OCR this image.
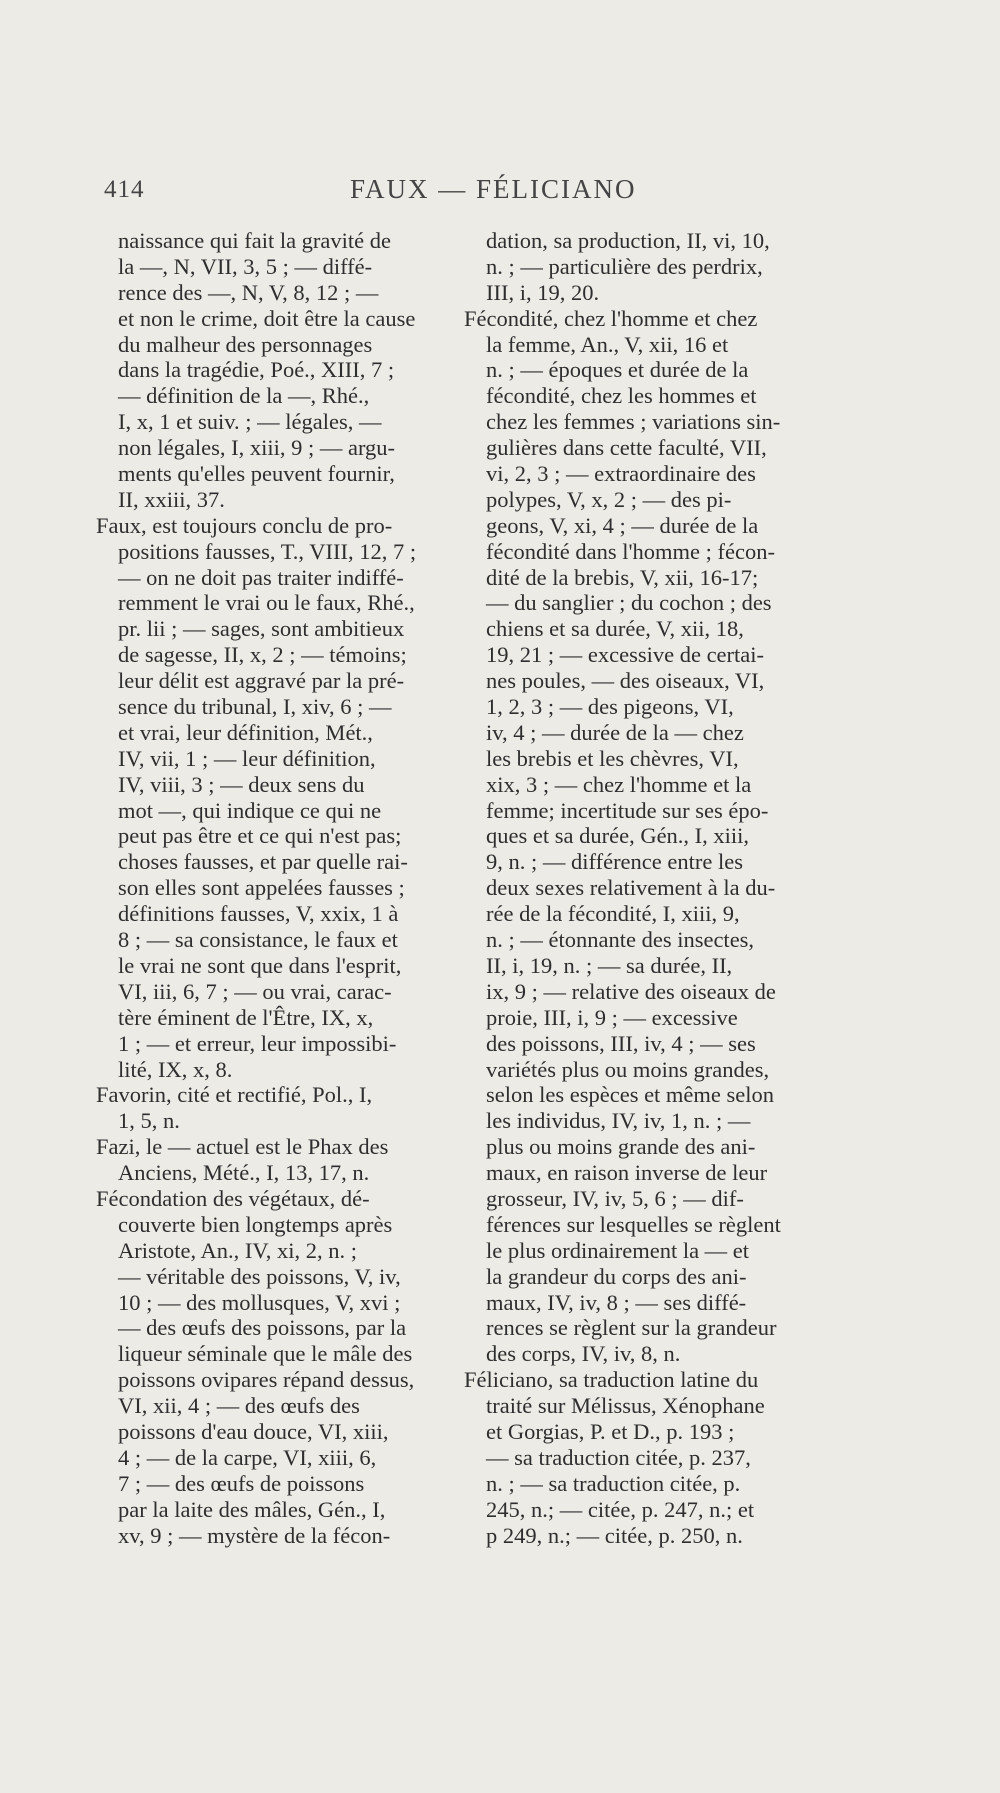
414	FAUX — FÉLICIANO
naissance qui fait la gravité de
la —, N, VII, 3, 5 ; — diffé-
rence des —, N, V, 8, 12 ; —
et non le crime, doit être la cause
du malheur des personnages
dans la tragédie, Poé., XIII, 7 ;
— définition de la —, Rhé.,
I, x, 1 et suiv. ; — légales, —
non légales, I, xiii, 9 ; — argu-
ments qu'elles peuvent fournir,
II, xxiii, 37.
Faux, est toujours conclu de pro-
positions fausses, T., VIII, 12, 7 ;
— on ne doit pas traiter indiffé-
remment le vrai ou le faux, Rhé.,
pr. lii ; — sages, sont ambitieux
de sagesse, II, x, 2 ; — témoins;
leur délit est aggravé par la pré-
sence du tribunal, I, xiv, 6 ; —
et vrai, leur définition, Mét.,
IV, vii, 1 ; — leur définition,
IV, viii, 3 ; — deux sens du
mot —, qui indique ce qui ne
peut pas être et ce qui n'est pas;
choses fausses, et par quelle rai-
son elles sont appelées fausses ;
définitions fausses, V, xxix, 1 à
8 ; — sa consistance, le faux et
le vrai ne sont que dans l'esprit,
VI, iii, 6, 7 ; — ou vrai, carac-
tère éminent de l'Être, IX, x,
1 ; — et erreur, leur impossibi-
lité, IX, x, 8.
Favorin, cité et rectifié, Pol., I,
1, 5, n.
Fazi, le — actuel est le Phax des
Anciens, Mété., I, 13, 17, n.
Fécondation des végétaux, dé-
couverte bien longtemps après
Aristote, An., IV, xi, 2, n. ;
— véritable des poissons, V, iv,
10 ; — des mollusques, V, xvi ;
— des œufs des poissons, par la
liqueur séminale que le mâle des
poissons ovipares répand dessus,
VI, xii, 4 ; — des œufs des
poissons d'eau douce, VI, xiii,
4 ; — de la carpe, VI, xiii, 6,
7 ; — des œufs de poissons
par la laite des mâles, Gén., I,
xv, 9 ; — mystère de la fécon-
dation, sa production, II, vi, 10,
n. ; — particulière des perdrix,
III, i, 19, 20.
Fécondité, chez l'homme et chez
la femme, An., V, xii, 16 et
n. ; — époques et durée de la
fécondité, chez les hommes et
chez les femmes ; variations sin-
gulières dans cette faculté, VII,
vi, 2, 3 ; — extraordinaire des
polypes, V, x, 2 ; — des pi-
geons, V, xi, 4 ; — durée de la
fécondité dans l'homme ; fécon-
dité de la brebis, V, xii, 16-17;
— du sanglier ; du cochon ; des
chiens et sa durée, V, xii, 18,
19, 21 ; — excessive de certai-
nes poules, — des oiseaux, VI,
1, 2, 3 ; — des pigeons, VI,
iv, 4 ; — durée de la — chez
les brebis et les chèvres, VI,
xix, 3 ; — chez l'homme et la
femme; incertitude sur ses épo-
ques et sa durée, Gén., I, xiii,
9, n. ; — différence entre les
deux sexes relativement à la du-
rée de la fécondité, I, xiii, 9,
n. ; — étonnante des insectes,
II, i, 19, n. ; — sa durée, II,
ix, 9 ; — relative des oiseaux de
proie, III, i, 9 ; — excessive
des poissons, III, iv, 4 ; — ses
variétés plus ou moins grandes,
selon les espèces et même selon
les individus, IV, iv, 1, n. ; —
plus ou moins grande des ani-
maux, en raison inverse de leur
grosseur, IV, iv, 5, 6 ; — dif-
férences sur lesquelles se règlent
le plus ordinairement la — et
la grandeur du corps des ani-
maux, IV, iv, 8 ; — ses diffé-
rences se règlent sur la grandeur
des corps, IV, iv, 8, n.
Féliciano, sa traduction latine du
traité sur Mélissus, Xénophane
et Gorgias, P. et D., p. 193 ;
— sa traduction citée, p. 237,
n. ; — sa traduction citée, p.
245, n.; — citée, p. 247, n.; et
p 249, n.; — citée, p. 250, n.
